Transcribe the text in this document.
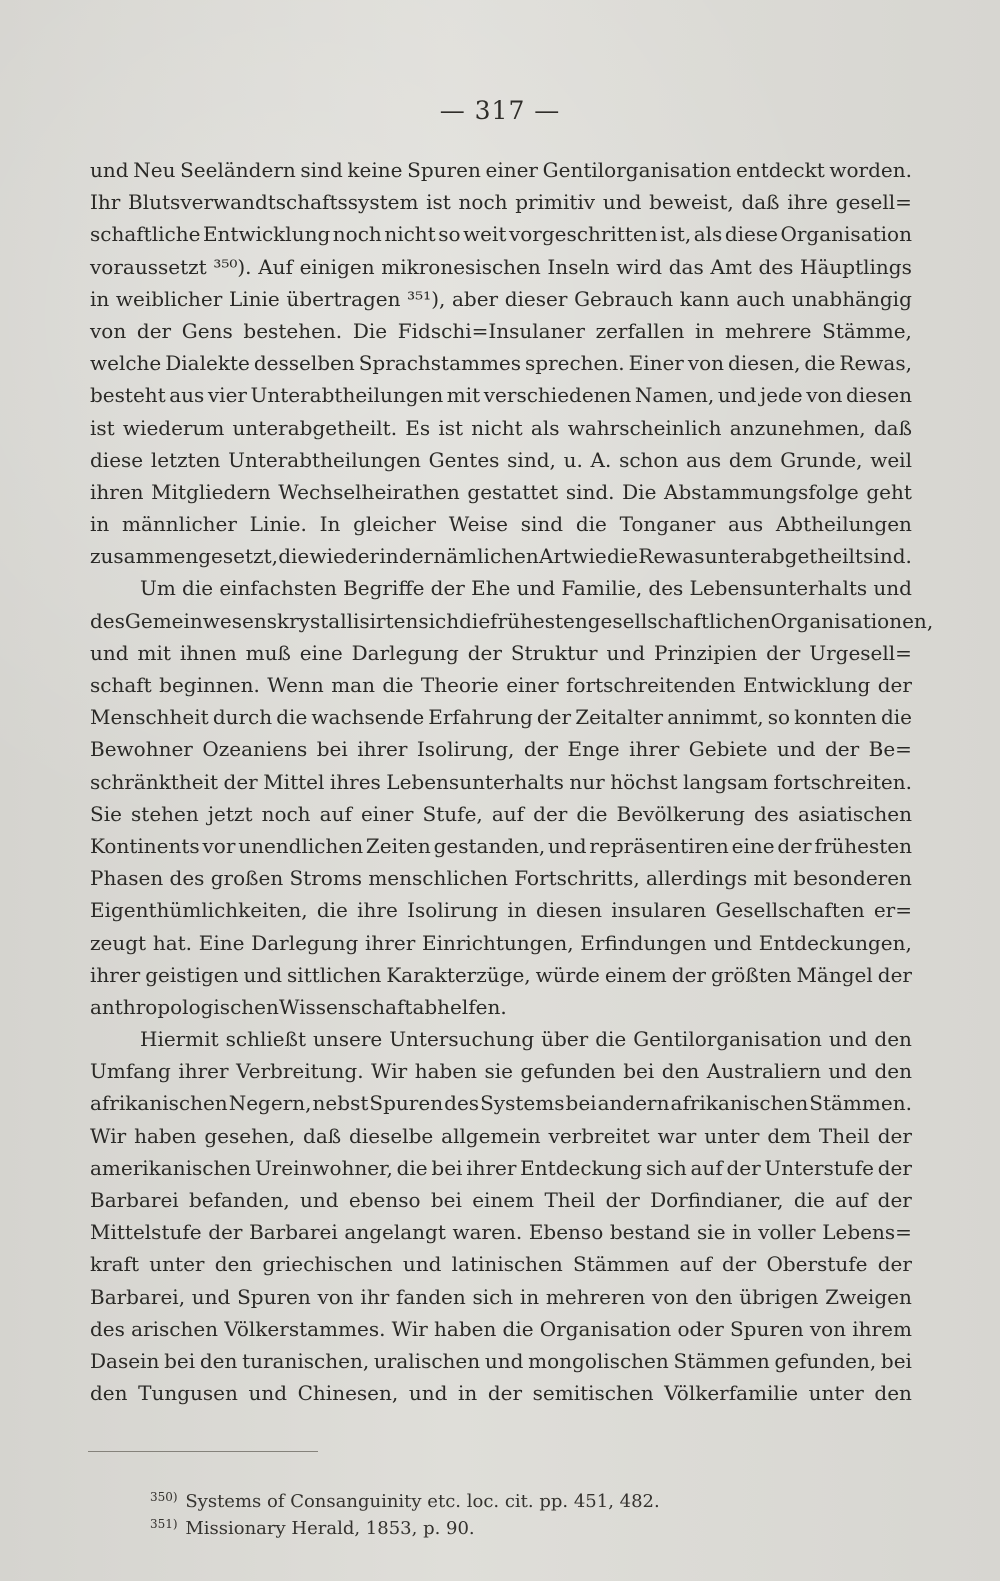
— 317 —
und Neu Seeländern sind keine Spuren einer Gentilorganisation entdeckt worden.
Ihr Blutsverwandtschaftssystem ist noch primitiv und beweist, daß ihre gesell=
schaftliche Entwicklung noch nicht so weit vorgeschritten ist, als diese Organisation
voraussetzt ³⁵⁰). Auf einigen mikronesischen Inseln wird das Amt des Häuptlings
in weiblicher Linie übertragen ³⁵¹), aber dieser Gebrauch kann auch unabhängig
von der Gens bestehen. Die Fidschi=Insulaner zerfallen in mehrere Stämme,
welche Dialekte desselben Sprachstammes sprechen. Einer von diesen, die Rewas,
besteht aus vier Unterabtheilungen mit verschiedenen Namen, und jede von diesen
ist wiederum unterabgetheilt. Es ist nicht als wahrscheinlich anzunehmen, daß
diese letzten Unterabtheilungen Gentes sind, u. A. schon aus dem Grunde, weil
ihren Mitgliedern Wechselheirathen gestattet sind. Die Abstammungsfolge geht
in männlicher Linie. In gleicher Weise sind die Tonganer aus Abtheilungen
zusammengesetzt, die wieder in der nämlichen Art wie die Rewas unterabgetheilt sind.
Um die einfachsten Begriffe der Ehe und Familie, des Lebensunterhalts und
des Gemeinwesens krystallisirten sich die frühesten gesellschaftlichen Organisationen,
und mit ihnen muß eine Darlegung der Struktur und Prinzipien der Urgesell=
schaft beginnen. Wenn man die Theorie einer fortschreitenden Entwicklung der
Menschheit durch die wachsende Erfahrung der Zeitalter annimmt, so konnten die
Bewohner Ozeaniens bei ihrer Isolirung, der Enge ihrer Gebiete und der Be=
schränktheit der Mittel ihres Lebensunterhalts nur höchst langsam fortschreiten.
Sie stehen jetzt noch auf einer Stufe, auf der die Bevölkerung des asiatischen
Kontinents vor unendlichen Zeiten gestanden, und repräsentiren eine der frühesten
Phasen des großen Stroms menschlichen Fortschritts, allerdings mit besonderen
Eigenthümlichkeiten, die ihre Isolirung in diesen insularen Gesellschaften er=
zeugt hat. Eine Darlegung ihrer Einrichtungen, Erfindungen und Entdeckungen,
ihrer geistigen und sittlichen Karakterzüge, würde einem der größten Mängel der
anthropologischen Wissenschaft abhelfen.
Hiermit schließt unsere Untersuchung über die Gentilorganisation und den
Umfang ihrer Verbreitung. Wir haben sie gefunden bei den Australiern und den
afrikanischen Negern, nebst Spuren des Systems bei andern afrikanischen Stämmen.
Wir haben gesehen, daß dieselbe allgemein verbreitet war unter dem Theil der
amerikanischen Ureinwohner, die bei ihrer Entdeckung sich auf der Unterstufe der
Barbarei befanden, und ebenso bei einem Theil der Dorfindianer, die auf der
Mittelstufe der Barbarei angelangt waren. Ebenso bestand sie in voller Lebens=
kraft unter den griechischen und latinischen Stämmen auf der Oberstufe der
Barbarei, und Spuren von ihr fanden sich in mehreren von den übrigen Zweigen
des arischen Völkerstammes. Wir haben die Organisation oder Spuren von ihrem
Dasein bei den turanischen, uralischen und mongolischen Stämmen gefunden, bei
den Tungusen und Chinesen, und in der semitischen Völkerfamilie unter den
$^{350)}$ Systems of Consanguinity etc. loc. cit. pp. 451, 482.
$^{351)}$ Missionary Herald, 1853, p. 90.
